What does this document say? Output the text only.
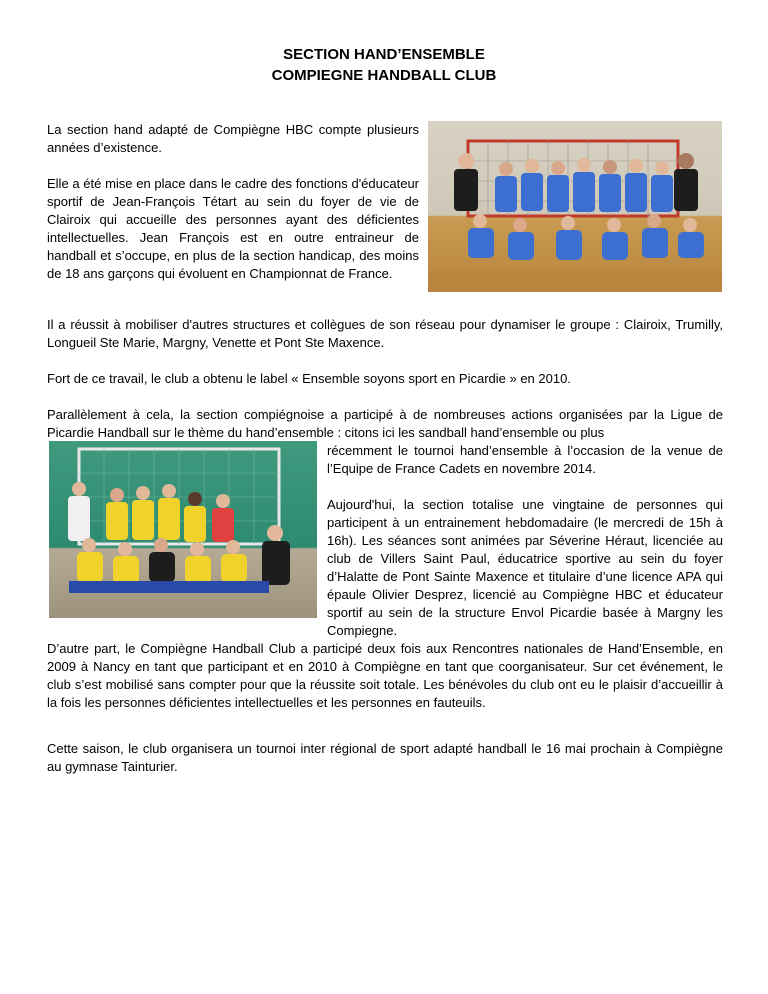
SECTION HAND’ENSEMBLE
COMPIEGNE HANDBALL CLUB
La section hand adapté de Compiègne HBC compte plusieurs années d’existence.
Elle a été mise en place dans le cadre des fonctions d'éducateur sportif de Jean-François Tétart au sein du foyer de vie de Clairoix qui accueille des personnes ayant des déficientes intellectuelles. Jean François est en outre entraineur de handball et s’occupe, en plus de la section handicap, des moins de 18 ans garçons qui évoluent en Championnat de France.
Il a réussit à mobiliser d'autres structures et collègues de son réseau pour dynamiser le groupe : Clairoix, Trumilly, Longueil Ste Marie, Margny, Venette et Pont Ste Maxence.
Fort de ce travail, le club a obtenu le label « Ensemble soyons sport en Picardie » en 2010.
Parallèlement à cela, la section compiégnoise a participé à de nombreuses actions organisées par la Ligue de Picardie Handball sur le thème du hand’ensemble : citons ici les sandball hand’ensemble ou plus
récemment le tournoi hand’ensemble à l’occasion de la venue de l’Equipe de France Cadets en novembre 2014.
Aujourd'hui, la section totalise une vingtaine de personnes qui participent à un entrainement hebdomadaire (le mercredi de 15h à 16h). Les séances sont animées par Séverine Héraut, licenciée au club de Villers Saint Paul, éducatrice sportive au sein du foyer d’Halatte de Pont Sainte Maxence et titulaire d’une licence APA qui épaule Olivier Desprez, licencié au Compiègne HBC et éducateur sportif au sein de la structure Envol Picardie basée à Margny les Compiegne.
D’autre part, le Compiègne Handball Club a participé deux fois aux Rencontres nationales de Hand’Ensemble, en 2009 à Nancy en tant que participant et en 2010 à Compiègne en tant que coorganisateur. Sur cet événement, le club s’est mobilisé sans compter pour que la réussite soit totale. Les bénévoles du club ont eu le plaisir d’accueillir à la fois les personnes déficientes intellectuelles et les personnes en fauteuils.
Cette saison, le club organisera un tournoi inter régional de sport adapté handball le 16 mai prochain à Compiègne au gymnase Tainturier.
